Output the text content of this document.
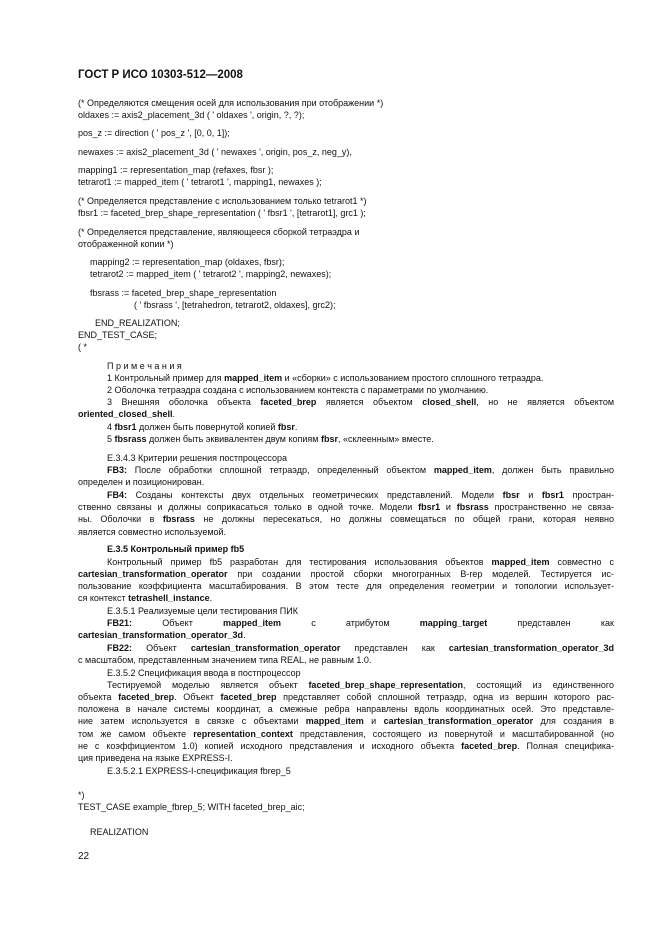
ГОСТ Р ИСО 10303-512—2008
(* Определяются смещения осей для использования при отображении *)
oldaxes := axis2_placement_3d ( ' oldaxes ', origin, ?, ?);
pos_z := direction ( ' pos_z ', [0, 0, 1]);
newaxes := axis2_placement_3d ( ' newaxes ', origin, pos_z, neg_y),
mapping1 := representation_map (refaxes, fbsr );
tetrarot1 := mapped_item ( ' tetrarot1 ', mapping1, newaxes );
(* Определяется представление с использованием только tetrarot1 *)
fbsr1 := faceted_brep_shape_representation ( ' fbsr1 ', [tetrarot1], grc1 );
(* Определяется представление, являющееся сборкой тетраэдра и
отображенной копии *)
mapping2 := representation_map (oldaxes, fbsr);
tetrarot2 := mapped_item ( ' tetrarot2 ', mapping2, newaxes);
fbsrass := faceted_brep_shape_representation
( ' fbsrass ', [tetrahedron, tetrarot2, oldaxes], grc2);
END_REALIZATION;
END_TEST_CASE;
( *
П р и м е ч а н и я
1 Контрольный пример для mapped_item и «сборки» с использованием простого сплошного тетраэдра.
2 Оболочка тетраэдра создана с использованием контекста с параметрами по умолчанию.
3 Внешняя оболочка объекта faceted_brep является объектом closed_shell, но не является объектом
oriented_closed_shell.
4 fbsr1 должен быть повернутой копией fbsr.
5 fbsrass должен быть эквивалентен двум копиям fbsr, «склеенным» вместе.
Е.3.4.3 Критерии решения постпроцессора
FB3: После обработки сплошной тетраэдр, определенный объектом mapped_item, должен быть правильно
определен и позиционирован.
FB4: Созданы контексты двух отдельных геометрических представлений. Модели fbsr и fbsr1 простран-
ственно связаны и должны соприкасаться только в одной точке. Модели fbsr1 и fbsrass пространственно не связа-
ны. Оболочки в fbsrass не должны пересекаться, но должны совмещаться по общей грани, которая неявно
является совместно используемой.
Е.3.5 Контрольный пример fb5
Контрольный пример fb5 разработан для тестирования использования объектов mapped_item совместно с
cartesian_transformation_operator при создании простой сборки многогранных B-rep моделей. Тестируется ис-
пользование коэффициента масштабирования. В этом тесте для определения геометрии и топологии использует-
ся контекст tetrashell_instance.
Е.3.5.1 Реализуемые цели тестирования ПИК
FB21:	Объект	mapped_item	с	атрибутом	mapping_target	представлен	как
cartesian_transformation_operator_3d.
FB22: Объект cartesian_transformation_operator представлен как cartesian_transformation_operator_3d
с масштабом, представленным значением типа REAL, не равным 1.0.
Е.3.5.2 Спецификация ввода в постпроцессор
Тестируемой моделью является объект faceted_brep_shape_representation, состоящий из единственного
объекта faceted_brep. Объект faceted_brep представляет собой сплошной тетраэдр, одна из вершин которого рас-
положена в начале системы координат, а смежные ребра направлены вдоль координатных осей. Это представле-
ние затем используется в связке с объектами mapped_item и cartesian_transformation_operator для создания в
том же самом объекте representation_context представления, состоящего из повернутой и масштабированной (но
не с коэффициентом 1.0) копией исходного представления и исходного объекта faceted_brep. Полная специфика-
ция приведена на языке EXPRESS-I.
Е.3.5.2.1 EXPRESS-I-спецификация fbrep_5
*)
TEST_CASE example_fbrep_5; WITH faceted_brep_aic;
REALIZATION
22
